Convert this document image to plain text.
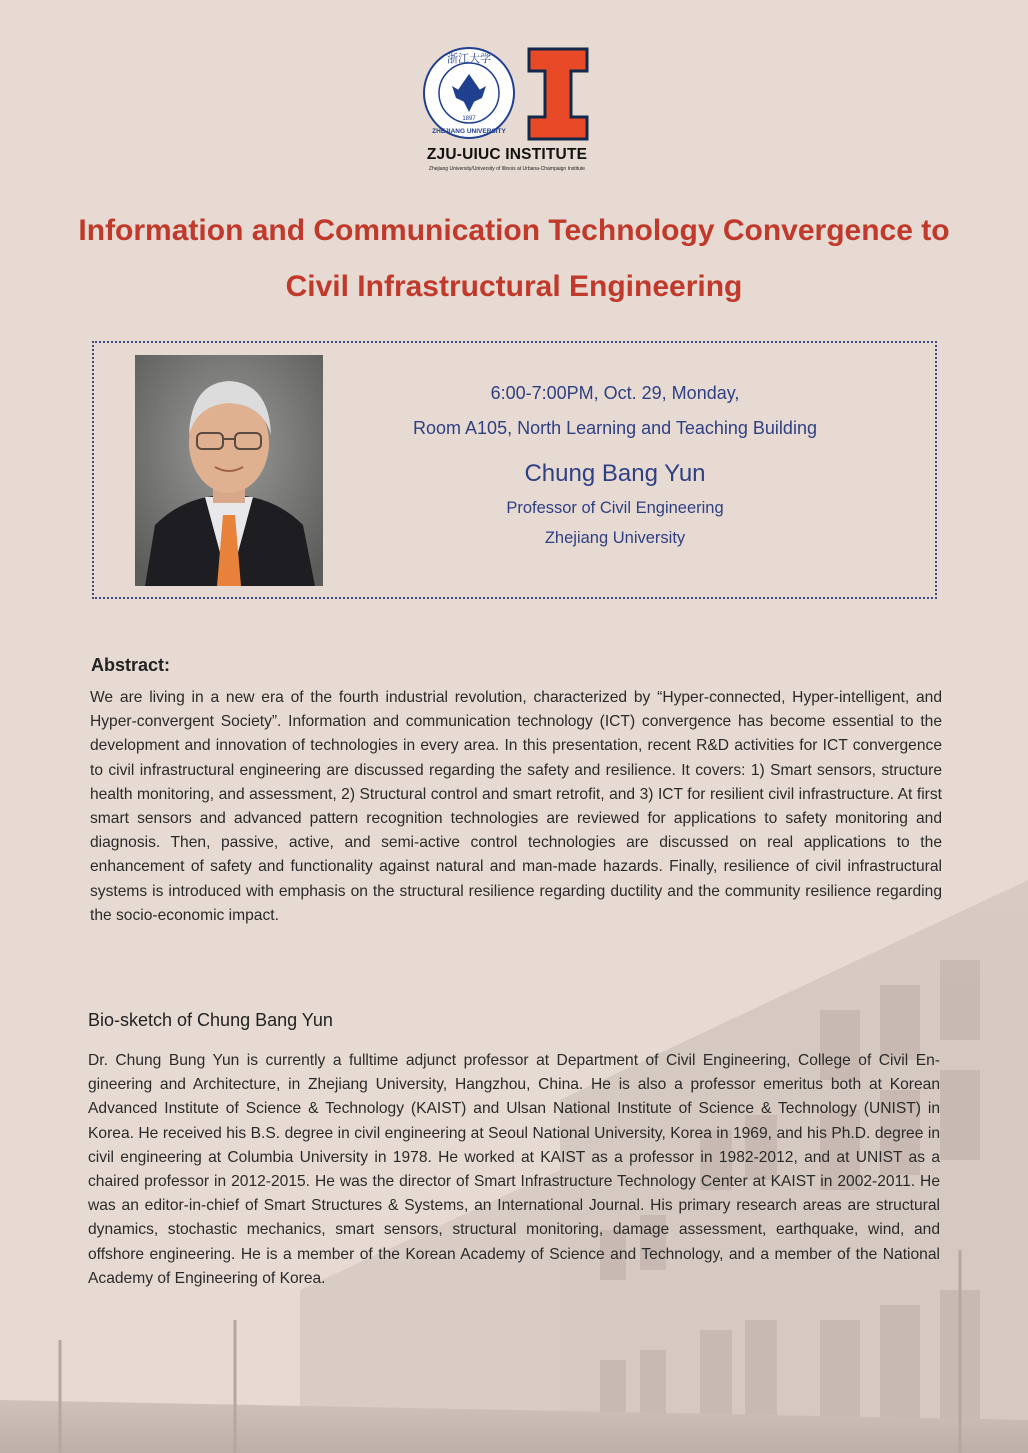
浙江大学
1897
ZHEJIANG UNIVERSITY
ZJU-UIUC INSTITUTE
Zhejiang University/University of Illinois at Urbana-Champaign Institute
Information and Communication Technology Convergence to
Civil Infrastructural Engineering
6:00-7:00PM, Oct. 29, Monday,
Room A105, North Learning and Teaching Building
Chung Bang Yun
Professor of Civil Engineering
Zhejiang University
Abstract:
We are living in a new era of the fourth industrial revolution, characterized by “Hyper-connected, Hyper-intelligent, and Hyper-convergent Society”. Information and communication technology (ICT) convergence has become essential to the development and innovation of technologies in every area. In this presentation, recent R&D activities for ICT convergence to civil infrastructural engineering are discussed regarding the safety and resilience. It covers: 1) Smart sensors, structure health monitoring, and assessment, 2) Structural control and smart retrofit, and 3) ICT for resilient civil infrastructure. At first smart sensors and advanced pattern recognition technologies are reviewed for applications to safety monitoring and diagnosis. Then, passive, active, and semi-active control technologies are discussed on real applications to the enhancement of safety and functionality against natural and man-made hazards. Finally, resilience of civil infrastructural systems is introduced with emphasis on the structural resilience regarding ductility and the community resilience regarding the socio-economic impact.
Bio-sketch of Chung Bang Yun
Dr. Chung Bung Yun is currently a fulltime adjunct professor at Department of Civil Engineering, College of Civil Engineering and Architecture, in Zhejiang University, Hangzhou, China. He is also a professor emeritus both at Korean Advanced Institute of Science & Technology (KAIST) and Ulsan National Institute of Science & Technology (UNIST) in Korea. He received his B.S. degree in civil engineering at Seoul National University, Korea in 1969, and his Ph.D. degree in civil engineering at Columbia University in 1978. He worked at KAIST as a professor in 1982-2012, and at UNIST as a chaired professor in 2012-2015. He was the director of Smart Infrastructure Technology Center at KAIST in 2002-2011. He was an editor-in-chief of Smart Structures & Systems, an International Journal. His primary research areas are structural dynamics, stochastic mechanics, smart sensors, structural monitoring, damage assessment, earthquake, wind, and offshore engineering. He is a member of the Korean Academy of Science and Technology, and a member of the National Academy of Engineering of Korea.
